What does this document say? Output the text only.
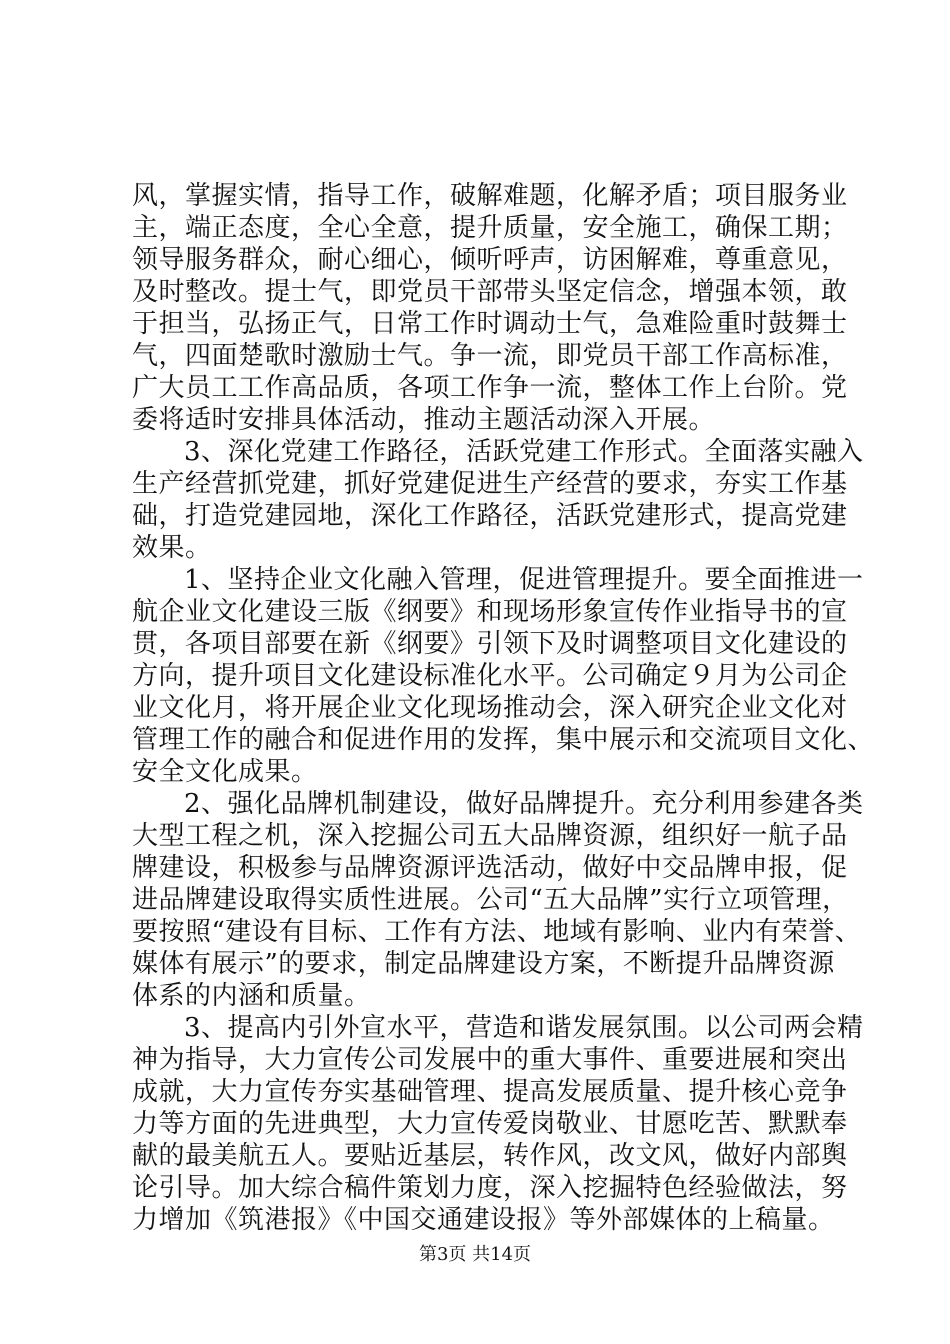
风，掌握实情，指导工作，破解难题，化解矛盾；项目服务业
主，端正态度，全心全意，提升质量，安全施工，确保工期；
领导服务群众，耐心细心，倾听呼声，访困解难，尊重意见，
及时整改。提士气，即党员干部带头坚定信念，增强本领，敢
于担当，弘扬正气，日常工作时调动士气，急难险重时鼓舞士
气，四面楚歌时激励士气。争一流，即党员干部工作高标准，
广大员工工作高品质，各项工作争一流，整体工作上台阶。党
委将适时安排具体活动，推动主题活动深入开展。
3、深化党建工作路径，活跃党建工作形式。全面落实融入
生产经营抓党建，抓好党建促进生产经营的要求，夯实工作基
础，打造党建园地，深化工作路径，活跃党建形式，提高党建
效果。
1、坚持企业文化融入管理，促进管理提升。要全面推进一
航企业文化建设三版《纲要》和现场形象宣传作业指导书的宣
贯，各项目部要在新《纲要》引领下及时调整项目文化建设的
方向，提升项目文化建设标准化水平。公司确定９月为公司企
业文化月，将开展企业文化现场推动会，深入研究企业文化对
管理工作的融合和促进作用的发挥，集中展示和交流项目文化、
安全文化成果。
2、强化品牌机制建设，做好品牌提升。充分利用参建各类
大型工程之机，深入挖掘公司五大品牌资源，组织好一航子品
牌建设，积极参与品牌资源评选活动，做好中交品牌申报，促
进品牌建设取得实质性进展。公司“五大品牌”实行立项管理，
要按照“建设有目标、工作有方法、地域有影响、业内有荣誉、
媒体有展示”的要求，制定品牌建设方案，不断提升品牌资源
体系的内涵和质量。
3、提高内引外宣水平，营造和谐发展氛围。以公司两会精
神为指导，大力宣传公司发展中的重大事件、重要进展和突出
成就，大力宣传夯实基础管理、提高发展质量、提升核心竞争
力等方面的先进典型，大力宣传爱岗敬业、甘愿吃苦、默默奉
献的最美航五人。要贴近基层，转作风，改文风，做好内部舆
论引导。加大综合稿件策划力度，深入挖掘特色经验做法，努
力增加《筑港报》《中国交通建设报》等外部媒体的上稿量。
第3页 共14页
